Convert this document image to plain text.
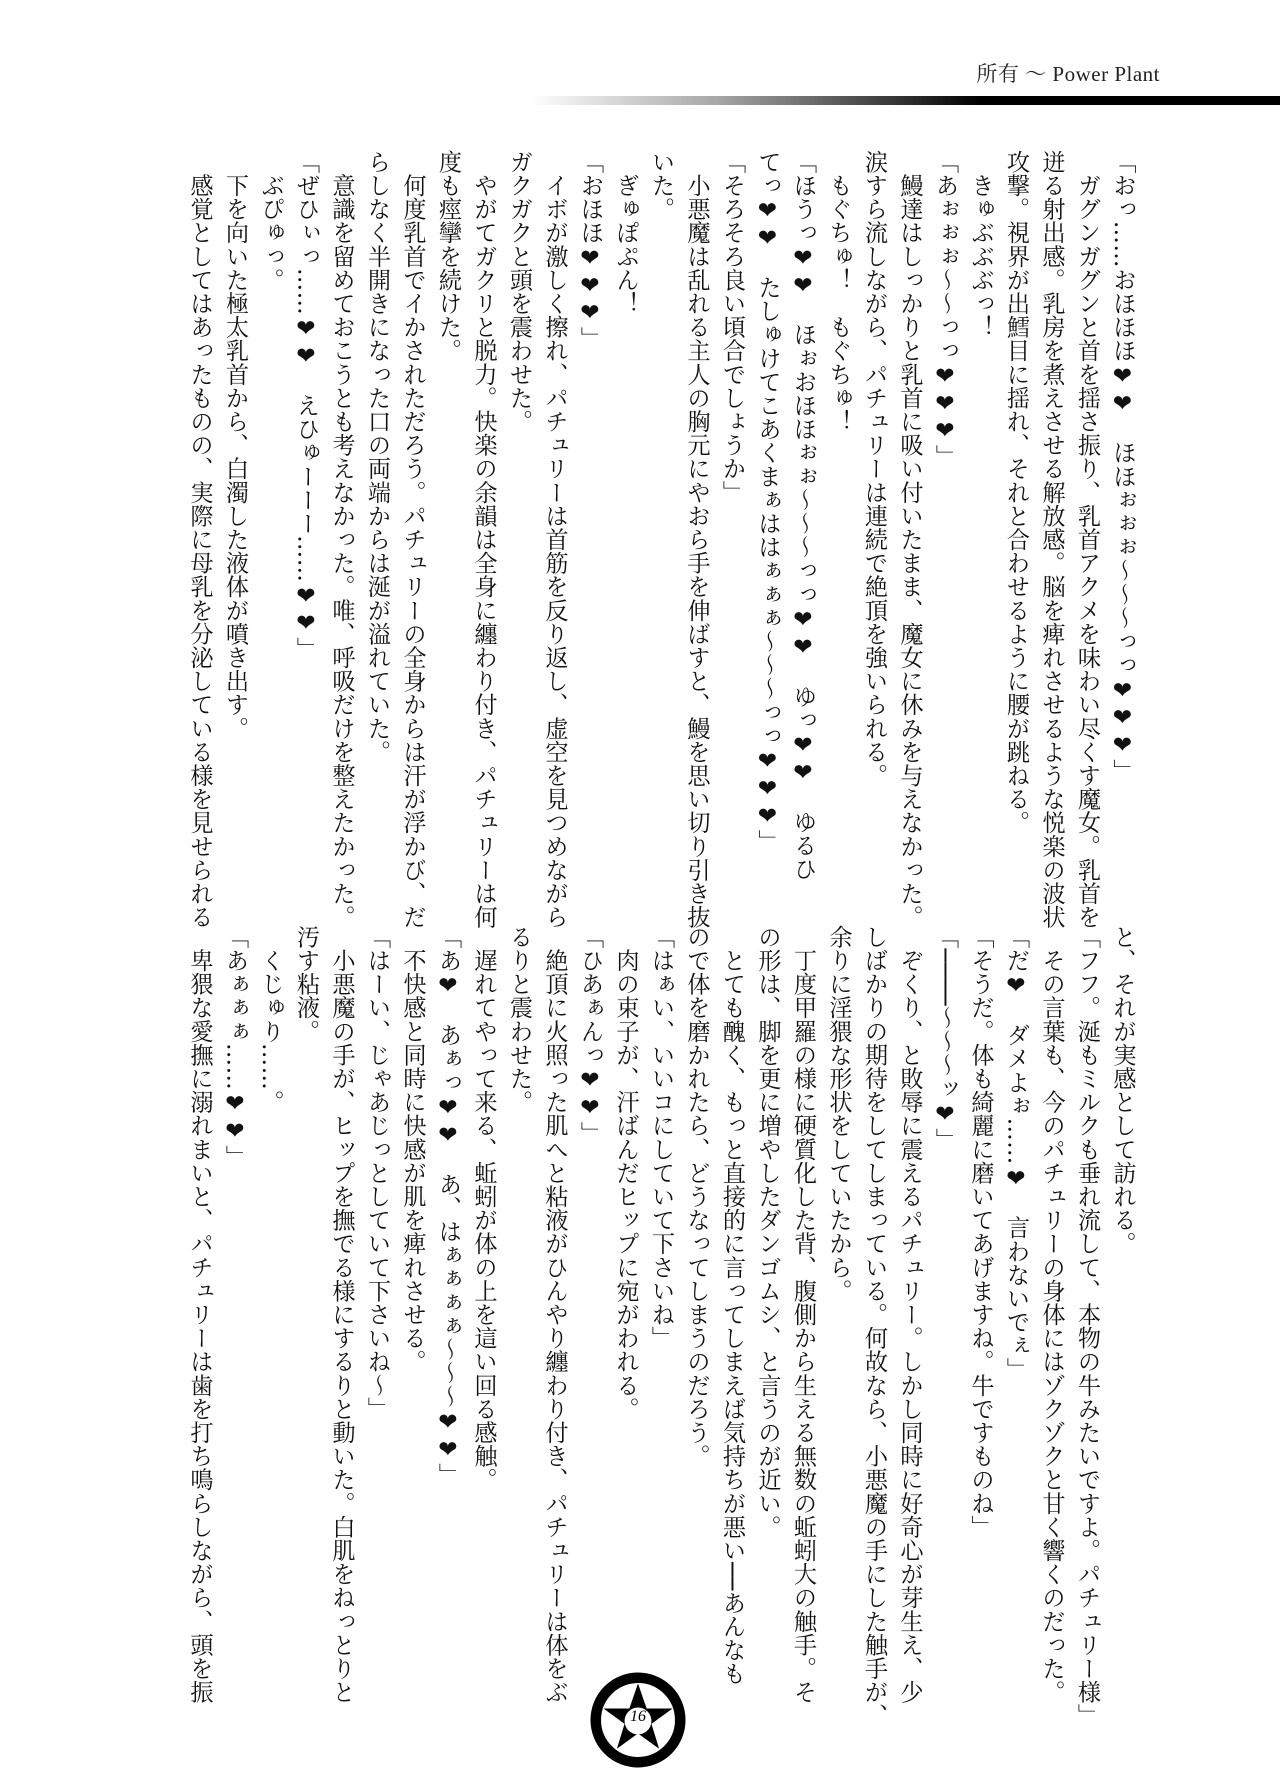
所有 〜 Power Plant
「おっ……おほほほ❤❤　ほほぉぉぉ〜〜〜っっ❤❤❤」
　ガグンガグンと首を揺さ振り、乳首アクメを味わい尽くす魔女。乳首を
迸る射出感。乳房を煮えさせる解放感。脳を痺れさせるような悦楽の波状
攻撃。視界が出鱈目に揺れ、それと合わせるように腰が跳ねる。
　きゅぶぶぶっ！
「あぉぉぉ〜〜っっ❤❤❤」
　鰻達はしっかりと乳首に吸い付いたまま、魔女に休みを与えなかった。
涙すら流しながら、パチュリーは連続で絶頂を強いられる。
　もぐちゅ！　もぐちゅ！
「ほうっ❤❤　ほぉおほほぉぉ〜〜〜っっ❤❤　ゆっ❤❤　ゆるひ
てっ❤❤　たしゅけてこあくまぁははぁぁぁ〜〜〜っっ❤❤❤」
「そろそろ良い頃合でしょうか」
　小悪魔は乱れる主人の胸元にやおら手を伸ばすと、鰻を思い切り引き抜
いた。
　ぎゅぽぷん！
「おほほ❤❤❤」
　イボが激しく擦れ、パチュリーは首筋を反り返し、虚空を見つめながら
ガクガクと頭を震わせた。
　やがてガクリと脱力。快楽の余韻は全身に纏わり付き、パチュリーは何
度も痙攣を続けた。
　何度乳首でイかされただろう。パチュリーの全身からは汗が浮かび、だ
らしなく半開きになった口の両端からは涎が溢れていた。
　意識を留めておこうとも考えなかった。唯、呼吸だけを整えたかった。
「ぜひぃっ……❤❤　えひゅーーー……❤❤」
　ぶぴゅっ。
　下を向いた極太乳首から、白濁した液体が噴き出す。
　感覚としてはあったものの、実際に母乳を分泌している様を見せられる
と、それが実感として訪れる。
「フフ。涎もミルクも垂れ流して、本物の牛みたいですよ。パチュリー様」
　その言葉も、今のパチュリーの身体にはゾクゾクと甘く響くのだった。
「だ❤　ダメよぉ……❤　言わないでぇ」
「そうだ。体も綺麗に磨いてあげますね。牛ですものね」
「────〜〜〜ッ❤」
　ぞくり、と敗辱に震えるパチュリー。しかし同時に好奇心が芽生え、少
しばかりの期待をしてしまっている。何故なら、小悪魔の手にした触手が、
余りに淫猥な形状をしていたから。
　丁度甲羅の様に硬質化した背、腹側から生える無数の蚯蚓大の触手。そ
の形は、脚を更に増やしたダンゴムシ、と言うのが近い。
　とても醜く、もっと直接的に言ってしまえば気持ちが悪い──あんなも
ので体を磨かれたら、どうなってしまうのだろう。
「はぁい、いいコにしていて下さいね」
　肉の束子が、汗ばんだヒップに宛がわれる。
「ひあぁんっ❤❤」
　絶頂に火照った肌へと粘液がひんやり纏わり付き、パチュリーは体をぶ
るりと震わせた。
　遅れてやって来る、蚯蚓が体の上を這い回る感触。
「あ❤　あぁっ❤❤　あ、はぁぁぁぁ〜〜〜❤❤」
　不快感と同時に快感が肌を痺れさせる。
「はーい、じゃあじっとしていて下さいね〜」
　小悪魔の手が、ヒップを撫でる様にするりと動いた。白肌をねっとりと
汚す粘液。
　くじゅり……。
「あぁぁぁ……❤❤」
　卑猥な愛撫に溺れまいと、パチュリーは歯を打ち鳴らしながら、頭を振
16
